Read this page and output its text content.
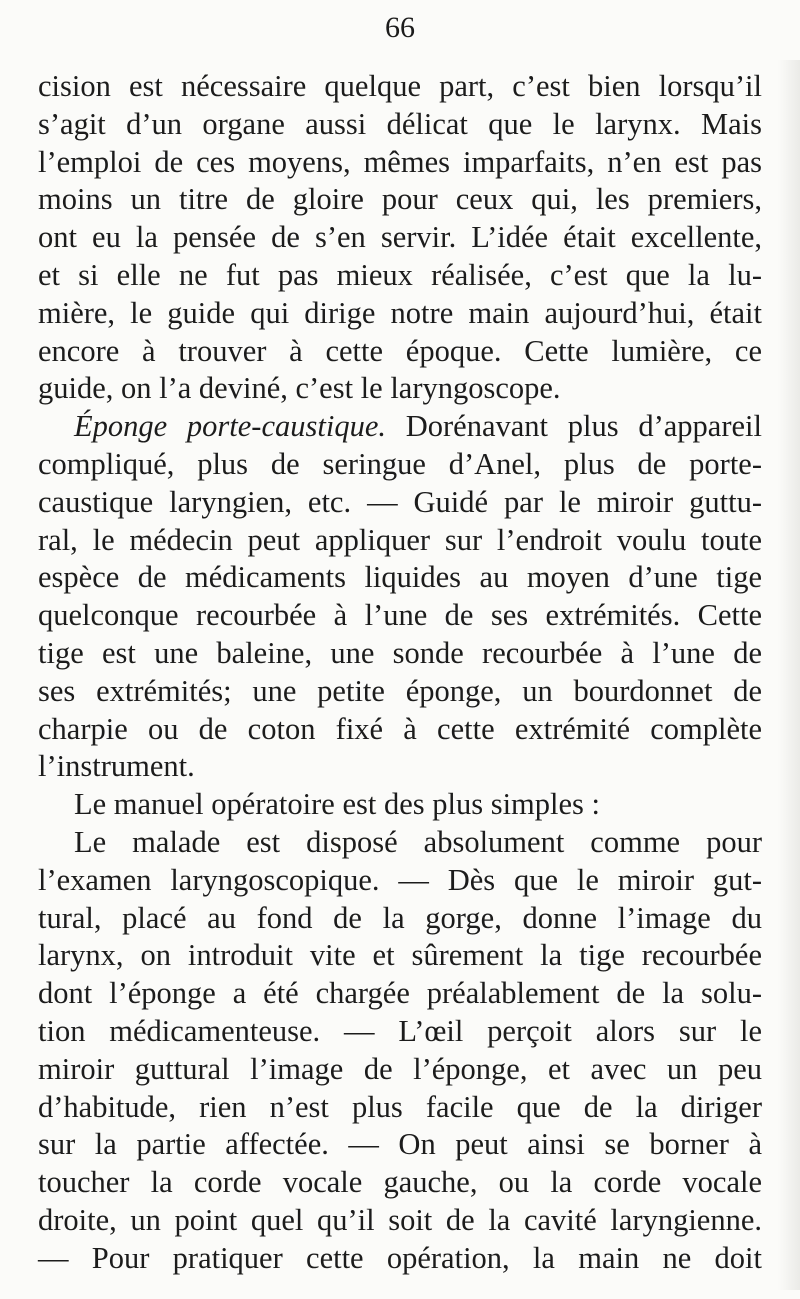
66
cision est nécessaire quelque part, c’est bien lorsqu’il
s’agit d’un organe aussi délicat que le larynx. Mais
l’emploi de ces moyens, mêmes imparfaits, n’en est pas
moins un titre de gloire pour ceux qui, les premiers,
ont eu la pensée de s’en servir. L’idée était excellente,
et si elle ne fut pas mieux réalisée, c’est que la lu-
mière, le guide qui dirige notre main aujourd’hui, était
encore à trouver à cette époque. Cette lumière, ce
guide, on l’a deviné, c’est le laryngoscope.
Éponge porte-caustique. Dorénavant plus d’appareil
compliqué, plus de seringue d’Anel, plus de porte-
caustique laryngien, etc. — Guidé par le miroir guttu-
ral, le médecin peut appliquer sur l’endroit voulu toute
espèce de médicaments liquides au moyen d’une tige
quelconque recourbée à l’une de ses extrémités. Cette
tige est une baleine, une sonde recourbée à l’une de
ses extrémités; une petite éponge, un bourdonnet de
charpie ou de coton fixé à cette extrémité complète
l’instrument.
Le manuel opératoire est des plus simples :
Le malade est disposé absolument comme pour
l’examen laryngoscopique. — Dès que le miroir gut-
tural, placé au fond de la gorge, donne l’image du
larynx, on introduit vite et sûrement la tige recourbée
dont l’éponge a été chargée préalablement de la solu-
tion médicamenteuse. — L’œil perçoit alors sur le
miroir guttural l’image de l’éponge, et avec un peu
d’habitude, rien n’est plus facile que de la diriger
sur la partie affectée. — On peut ainsi se borner à
toucher la corde vocale gauche, ou la corde vocale
droite, un point quel qu’il soit de la cavité laryngienne.
— Pour pratiquer cette opération, la main ne doit
